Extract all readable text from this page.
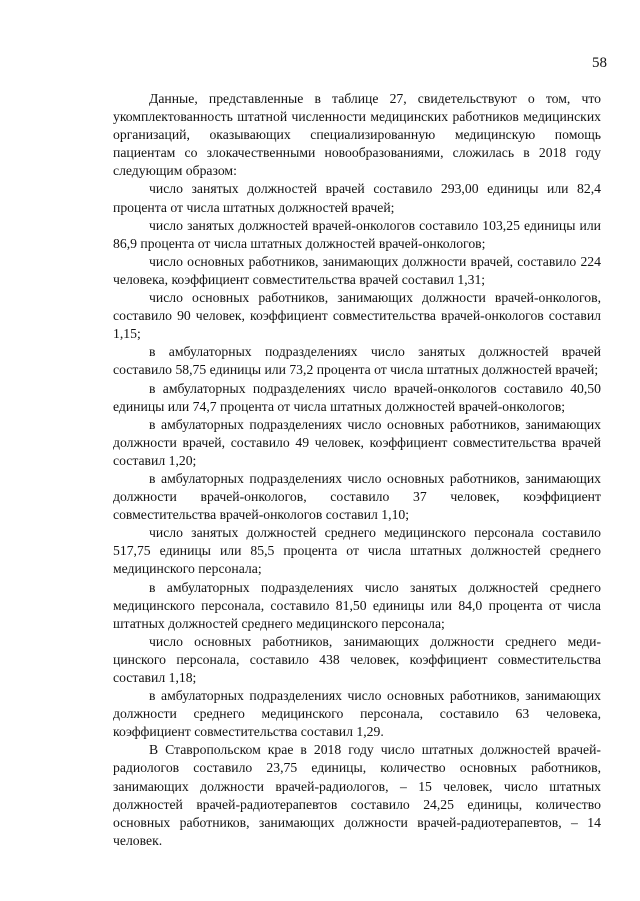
58

Данные, представленные в таблице 27, свидетельствуют о том, что укомплектованность штатной численности медицинских работников медицинских организаций, оказывающих специализированную медицинскую помощь пациентам со злокачественными новообразованиями, сложилась в 2018 году следующим образом:

число занятых должностей врачей составило 293,00 единицы или 82,4 процента от числа штатных должностей врачей;

число занятых должностей врачей-онкологов составило 103,25 единицы или 86,9 процента от числа штатных должностей врачей-онкологов;

число основных работников, занимающих должности врачей, составило 224 человека, коэффициент совместительства врачей составил 1,31;

число основных работников, занимающих должности врачей-онкологов, составило 90 человек, коэффициент совместительства врачей-онкологов составил 1,15;

в амбулаторных подразделениях число занятых должностей врачей составило 58,75 единицы или 73,2 процента от числа штатных должностей врачей;

в амбулаторных подразделениях число врачей-онкологов составило 40,50 единицы или 74,7 процента от числа штатных должностей врачей-онкологов;

в амбулаторных подразделениях число основных работников, занимающих должности врачей, составило 49 человек, коэффициент совместительства врачей составил 1,20;

в амбулаторных подразделениях число основных работников, занимающих должности врачей-онкологов, составило 37 человек, коэффициент совместительства врачей-онкологов составил 1,10;

число занятых должностей среднего медицинского персонала составило 517,75 единицы или 85,5 процента от числа штатных должностей среднего медицинского персонала;

в амбулаторных подразделениях число занятых должностей среднего медицинского персонала, составило 81,50 единицы или 84,0 процента от числа штатных должностей среднего медицинского персонала;

число основных работников, занимающих должности среднего медицинского персонала, составило 438 человек, коэффициент совместительства составил 1,18;

в амбулаторных подразделениях число основных работников, занимающих должности среднего медицинского персонала, составило 63 человека, коэффициент совместительства составил 1,29.

В Ставропольском крае в 2018 году число штатных должностей врачей-радиологов составило 23,75 единицы, количество основных работников, занимающих должности врачей-радиологов, – 15 человек, число штатных должностей врачей-радиотерапевтов составило 24,25 единицы, количество основных работников, занимающих должности врачей-радиотерапевтов, – 14 человек.
